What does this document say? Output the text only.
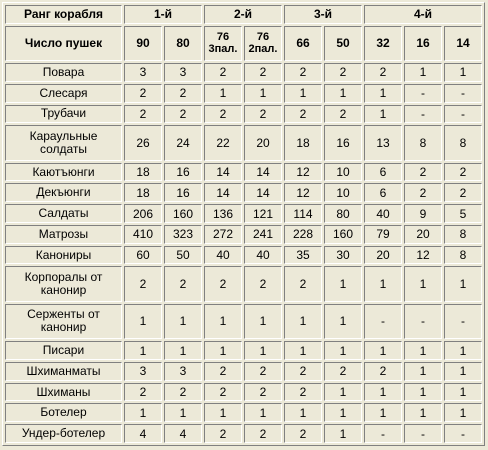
Ранг корабля	1-й		2-й		3-й		4-й		
Число пушек	90	80	76 3пал.	76 2пал.	66	50	32	16	14
Повара	3	3	2	2	2	2	2	1	1
Слесаря	2	2	1	1	1	1	1	-	-
Трубачи	2	2	2	2	2	2	1	-	-
Караульные солдаты	26	24	22	20	18	16	13	8	8
Каютъюнги	18	16	14	14	12	10	6	2	2
Декъюнги	18	16	14	14	12	10	6	2	2
Салдаты	206	160	136	121	114	80	40	9	5
Матрозы	410	323	272	241	228	160	79	20	8
Канониры	60	50	40	40	35	30	20	12	8
Корпоралы от канонир	2	2	2	2	2	1	1	1	1
Серженты от канонир	1	1	1	1	1	1	-	-	-
Писари	1	1	1	1	1	1	1	1	1
Шхиманматы	3	3	2	2	2	2	2	1	1
Шхиманы	2	2	2	2	2	1	1	1	1
Ботелер	1	1	1	1	1	1	1	1	1
Ундер-ботелер	4	4	2	2	2	1	-	-	-
